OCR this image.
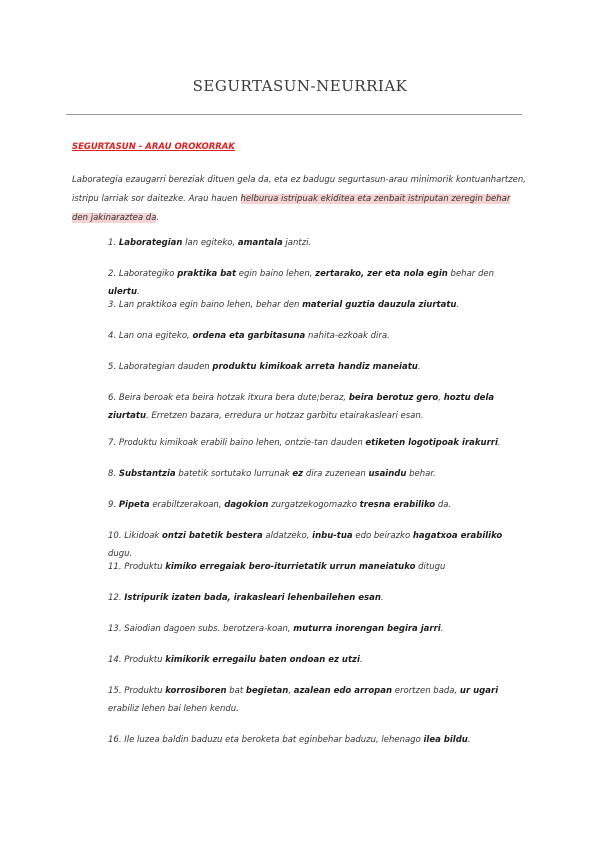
SEGURTASUN-NEURRIAK
SEGURTASUN - ARAU OROKORRAK

Laborategia ezaugarri bereziak dituen gela da, eta ez badugu segurtasun-arau minimorik kontuanhartzen, istripu larriak sor daitezke. Arau hauen helburua istripuak ekiditea eta zenbait istriputan zeregin behar den jakinaraztea da.

1. Laborategian lan egiteko, amantala jantzi.
2. Laborategiko praktika bat egin baino lehen, zertarako, zer eta nola egin behar den ulertu.
3. Lan praktikoa egin baino lehen, behar den material guztia dauzula ziurtatu.
4. Lan ona egiteko, ordena eta garbitasuna nahita-ezkoak dira.
5. Laborategian dauden produktu kimikoak arreta handiz maneiatu.
6. Beira beroak eta beira hotzak itxura bera dute;beraz, beira berotuz gero, hoztu dela ziurtatu. Erretzen bazara, erredura ur hotzaz garbitu etairakasleari esan.
7. Produktu kimikoak erabili baino lehen, ontzie-tan dauden etiketen logotipoak irakurri.
8. Substantzia batetik sortutako lurrunak ez dira zuzenean usaindu behar.
9. Pipeta erabiltzerakoan, dagokion zurgatzekogomazko tresna erabiliko da.
10. Likidoak ontzi batetik bestera aldatzeko, inbu-tua edo beirazko hagatxoa erabiliko dugu.
11. Produktu kimiko erregaiak bero-iturrietatik urrun maneiatuko ditugu
12. Istripurik izaten bada, irakasleari lehenbailehen esan.
13. Saiodian dagoen subs. berotzera-koan, muturra inorengan begira jarri.
14. Produktu kimikorik erregailu baten ondoan ez utzi.
15. Produktu korrosiboren bat begietan, azalean edo arropan erortzen bada, ur ugari erabiliz lehen bai lehen kendu.
16. Ile luzea baldin baduzu eta beroketa bat eginbehar baduzu, lehenago ilea bildu.
